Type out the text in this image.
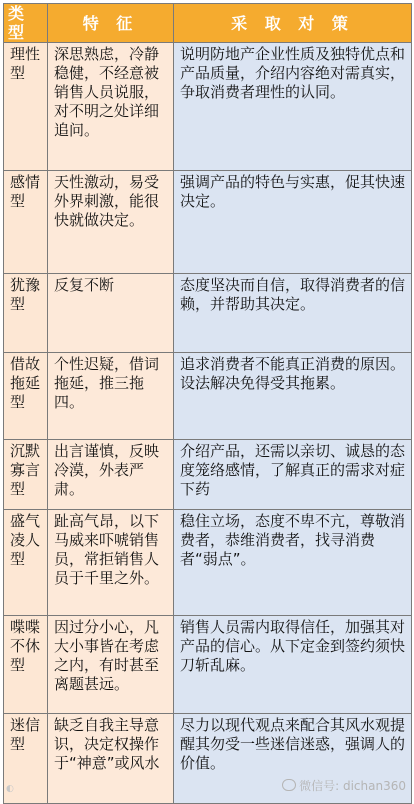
类型	特 征	采 取 对 策
理性型	深思熟虑，冷静稳健，不经意被销售人员说服，对不明之处详细追问。	说明防地产企业性质及独特优点和产品质量，介绍内容绝对需真实，争取消费者理性的认同。
感情型	天性激动，易受外界刺激，能很快就做决定。	强调产品的特色与实惠，促其快速决定。
犹豫型	反复不断	态度坚决而自信，取得消费者的信赖，并帮助其决定。
借故拖延型	个性迟疑，借词拖延，推三拖四。	追求消费者不能真正消费的原因。设法解决免得受其拖累。
沉默寡言型	出言谨慎，反映冷漠，外表严肃。	介绍产品，还需以亲切、诚恳的态度笼络感情，了解真正的需求对症下药
盛气凌人型	趾高气昂，以下马威来吓唬销售员，常拒销售人员于千里之外。	稳住立场，态度不卑不亢，尊敬消费者，恭维消费者，找寻消费者“弱点”。
喋喋不休型	因过分小心，凡大小事皆在考虑之内，有时甚至离题甚远。	销售人员需内取得信任，加强其对产品的信心。从下定金到签约须快刀斩乱麻。
迷信型	缺乏自我主导意识，决定权操作于“神意”或风水	尽力以现代观点来配合其风水观提醒其勿受一些迷信迷惑，强调人的价值。
◐	微信号: dichan360
